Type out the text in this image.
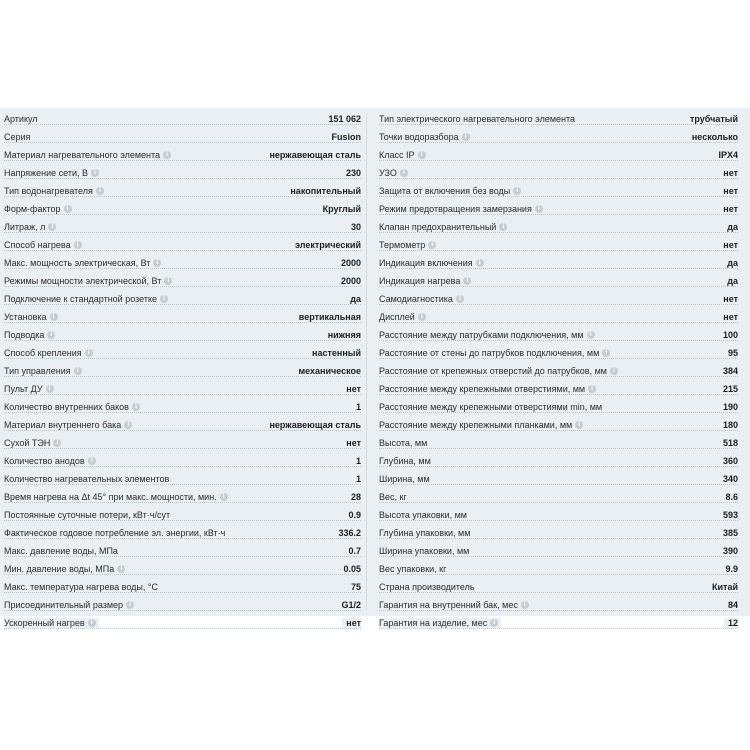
Артикул	151 062
Серия	Fusion
Материал нагревательного элемента i	нержавеющая сталь
Напряжение сети, В i	230
Тип водонагревателя i	накопительный
Форм-фактор i	Круглый
Литраж, л i	30
Способ нагрева i	электрический
Макс. мощность электрическая, Вт i	2000
Режимы мощности электрической, Вт i	2000
Подключение к стандартной розетке i	да
Установка i	вертикальная
Подводка i	нижняя
Способ крепления i	настенный
Тип управления i	механическое
Пульт ДУ i	нет
Количество внутренних баков i	1
Материал внутреннего бака i	нержавеющая сталь
Сухой ТЭН i	нет
Количество анодов i	1
Количество нагревательных элементов	1
Время нагрева на Δt 45° при макс. мощности, мин. i	28
Постоянные суточные потери, кВт·ч/сут	0.9
Фактическое годовое потребление эл. энергии, кВт·ч	336.2
Макс. давление воды, МПа	0.7
Мин. давление воды, МПа i	0.05
Макс. температура нагрева воды, °С	75
Присоединительный размер i	G1/2
Ускоренный нагрев i	нет
Тип электрического нагревательного элемента	трубчатый
Точки водоразбора i	несколько
Класс IP i	IPX4
УЗО i	нет
Защита от включения без воды i	нет
Режим предотвращения замерзания i	нет
Клапан предохранительный i	да
Термометр i	нет
Индикация включения i	да
Индикация нагрева i	да
Самодиагностика i	нет
Дисплей i	нет
Расстояние между патрубками подключения, мм i	100
Расстояние от стены до патрубков подключения, мм i	95
Расстояние от крепежных отверстий до патрубков, мм i	384
Расстояние между крепежными отверстиями, мм i	215
Расстояние между крепежными отверстиями min, мм	190
Расстояние между крепежными планками, мм i	180
Высота, мм	518
Глубина, мм	360
Ширина, мм	340
Вес, кг	8.6
Высота упаковки, мм	593
Глубина упаковки, мм	385
Ширина упаковки, мм	390
Вес упаковки, кг	9.9
Страна производитель	Китай
Гарантия на внутренний бак, мес i	84
Гарантия на изделие, мес i	12
